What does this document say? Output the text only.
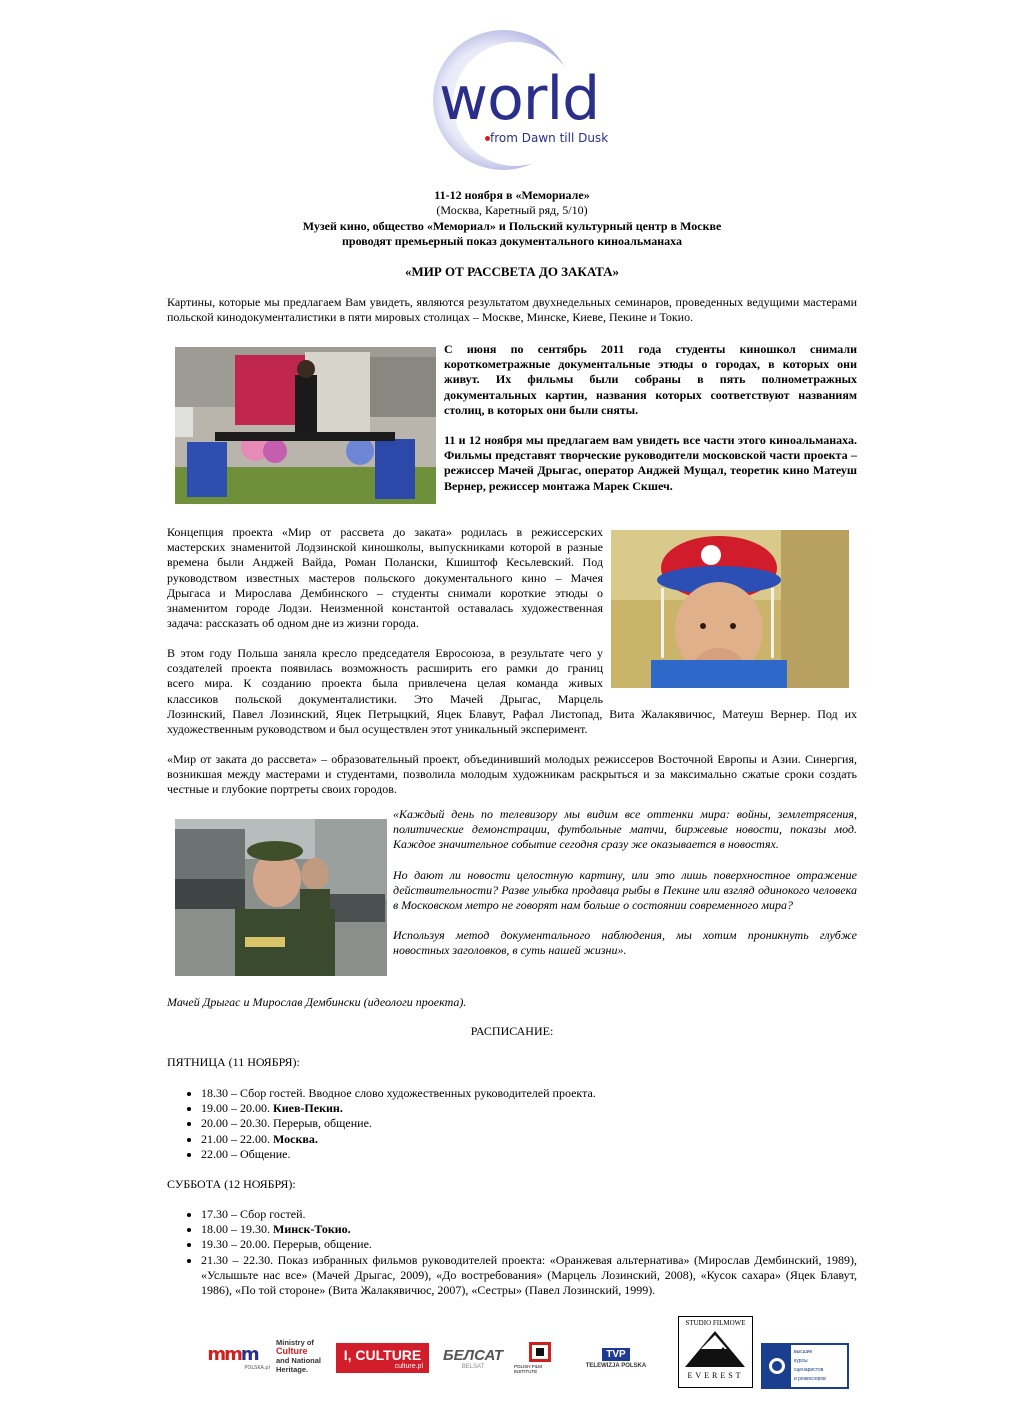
world
from Dawn till Dusk
11-12 ноября в «Мемориале»
(Москва, Каретный ряд, 5/10)
Музей кино, общество «Мемориал» и Польский культурный центр в Москве
проводят премьерный показ документального киноальманаха
«МИР ОТ РАССВЕТА ДО ЗАКАТА»

Картины, которые мы предлагаем Вам увидеть, являются результатом двухнедельных семинаров, проведенных ведущими мастерами польской кинодокументалистики в пяти мировых столицах – Москве, Минске, Киеве, Пекине и Токио.

С июня по сентябрь 2011 года студенты киношкол снимали короткометражные документальные этюды о городах, в которых они живут. Их фильмы были собраны в пять полнометражных документальных картин, названия которых соответствуют названиям столиц, в которых они были сняты.

11 и 12 ноября мы предлагаем вам увидеть все части этого киноальманаха. Фильмы представят творческие руководители московской части проекта – режиссер Мачей Дрыгас, оператор Анджей Мущал, теоретик кино Матеуш Вернер, режиссер монтажа Марек Скшеч.

Концепция проекта «Мир от рассвета до заката» родилась в режиссерских мастерских знаменитой Лодзинской киношколы, выпускниками которой в разные времена были Анджей Вайда, Роман Полански, Кшиштоф Кесьлевский. Под руководством известных мастеров польского документального кино – Мачея Дрыгаса и Мирослава Дембинского – студенты снимали короткие этюды о знаменитом городе Лодзи. Неизменной константой оставалась художественная задача: рассказать об одном дне из жизни города.

В этом году Польша заняла кресло председателя Евросоюза, в результате чего у
создателей проекта появилась возможность расширить его рамки до границ
всего мира. К созданию проекта была привлечена целая команда живых
классиков польской документалистики. Это Мачей Дрыгас, Марцель
Лозинский, Павел Лозинский, Яцек Петрыцкий, Яцек Блавут, Рафал Листопад, Вита Жалакявичюс, Матеуш Вернер. Под их художественным руководством и был осуществлен этот уникальный эксперимент.

«Мир от заката до рассвета» – образовательный проект, объединивший молодых режиссеров Восточной Европы и Азии. Синергия, возникшая между мастерами и студентами, позволила молодым художникам раскрыться и за максимально сжатые сроки создать честные и глубокие портреты своих городов.

«Каждый день по телевизору мы видим все оттенки мира: войны, землетрясения, политические демонстрации, футбольные матчи, биржевые новости, показы мод. Каждое значительное событие сегодня сразу же оказывается в новостях.

Но дают ли новости целостную картину, или это лишь поверхностное отражение действительности? Разве улыбка продавца рыбы в Пекине или взгляд одинокого человека в Московском метро не говорят нам больше о состоянии современного мира?

Используя метод документального наблюдения, мы хотим проникнуть глубже новостных заголовков, в суть нашей жизни».

Мачей Дрыгас и Мирослав Дембински (идеологи проекта).

РАСПИСАНИЕ:
ПЯТНИЦА (11 НОЯБРЯ):
• 18.30 – Сбор гостей. Вводное слово художественных руководителей проекта.
• 19.00 – 20.00. Киев-Пекин.
• 20.00 – 20.30. Перерыв, общение.
• 21.00 – 22.00. Москва.
• 22.00 – Общение.
СУББОТА (12 НОЯБРЯ):
• 17.30 – Сбор гостей.
• 18.00 – 19.30. Минск-Токио.
• 19.30 – 20.00. Перерыв, общение.
• 21.30 – 22.30. Показ избранных фильмов руководителей проекта: «Оранжевая альтернатива» (Мирослав Дембинский, 1989), «Услышьте нас все» (Мачей Дрыгас, 2009), «До востребования» (Марцель Лозинский, 2008), «Кусок сахара» (Яцек Блавут, 1986), «По той стороне» (Вита Жалакявичюс, 2007), «Сестры» (Павел Лозинский, 1999).
mmm
POLSKA.pl
Ministry of
Culture
and National
Heritage.
I, CULTURE
culture.pl
БЕЛСАТ
BELSAT	POLISH FILM INSTITUTE
TVP
TELEWIZJA POLSKA
STUDIO FILMOWE
EVEREST
высшие
курсы
сценаристов
и режиссеров
